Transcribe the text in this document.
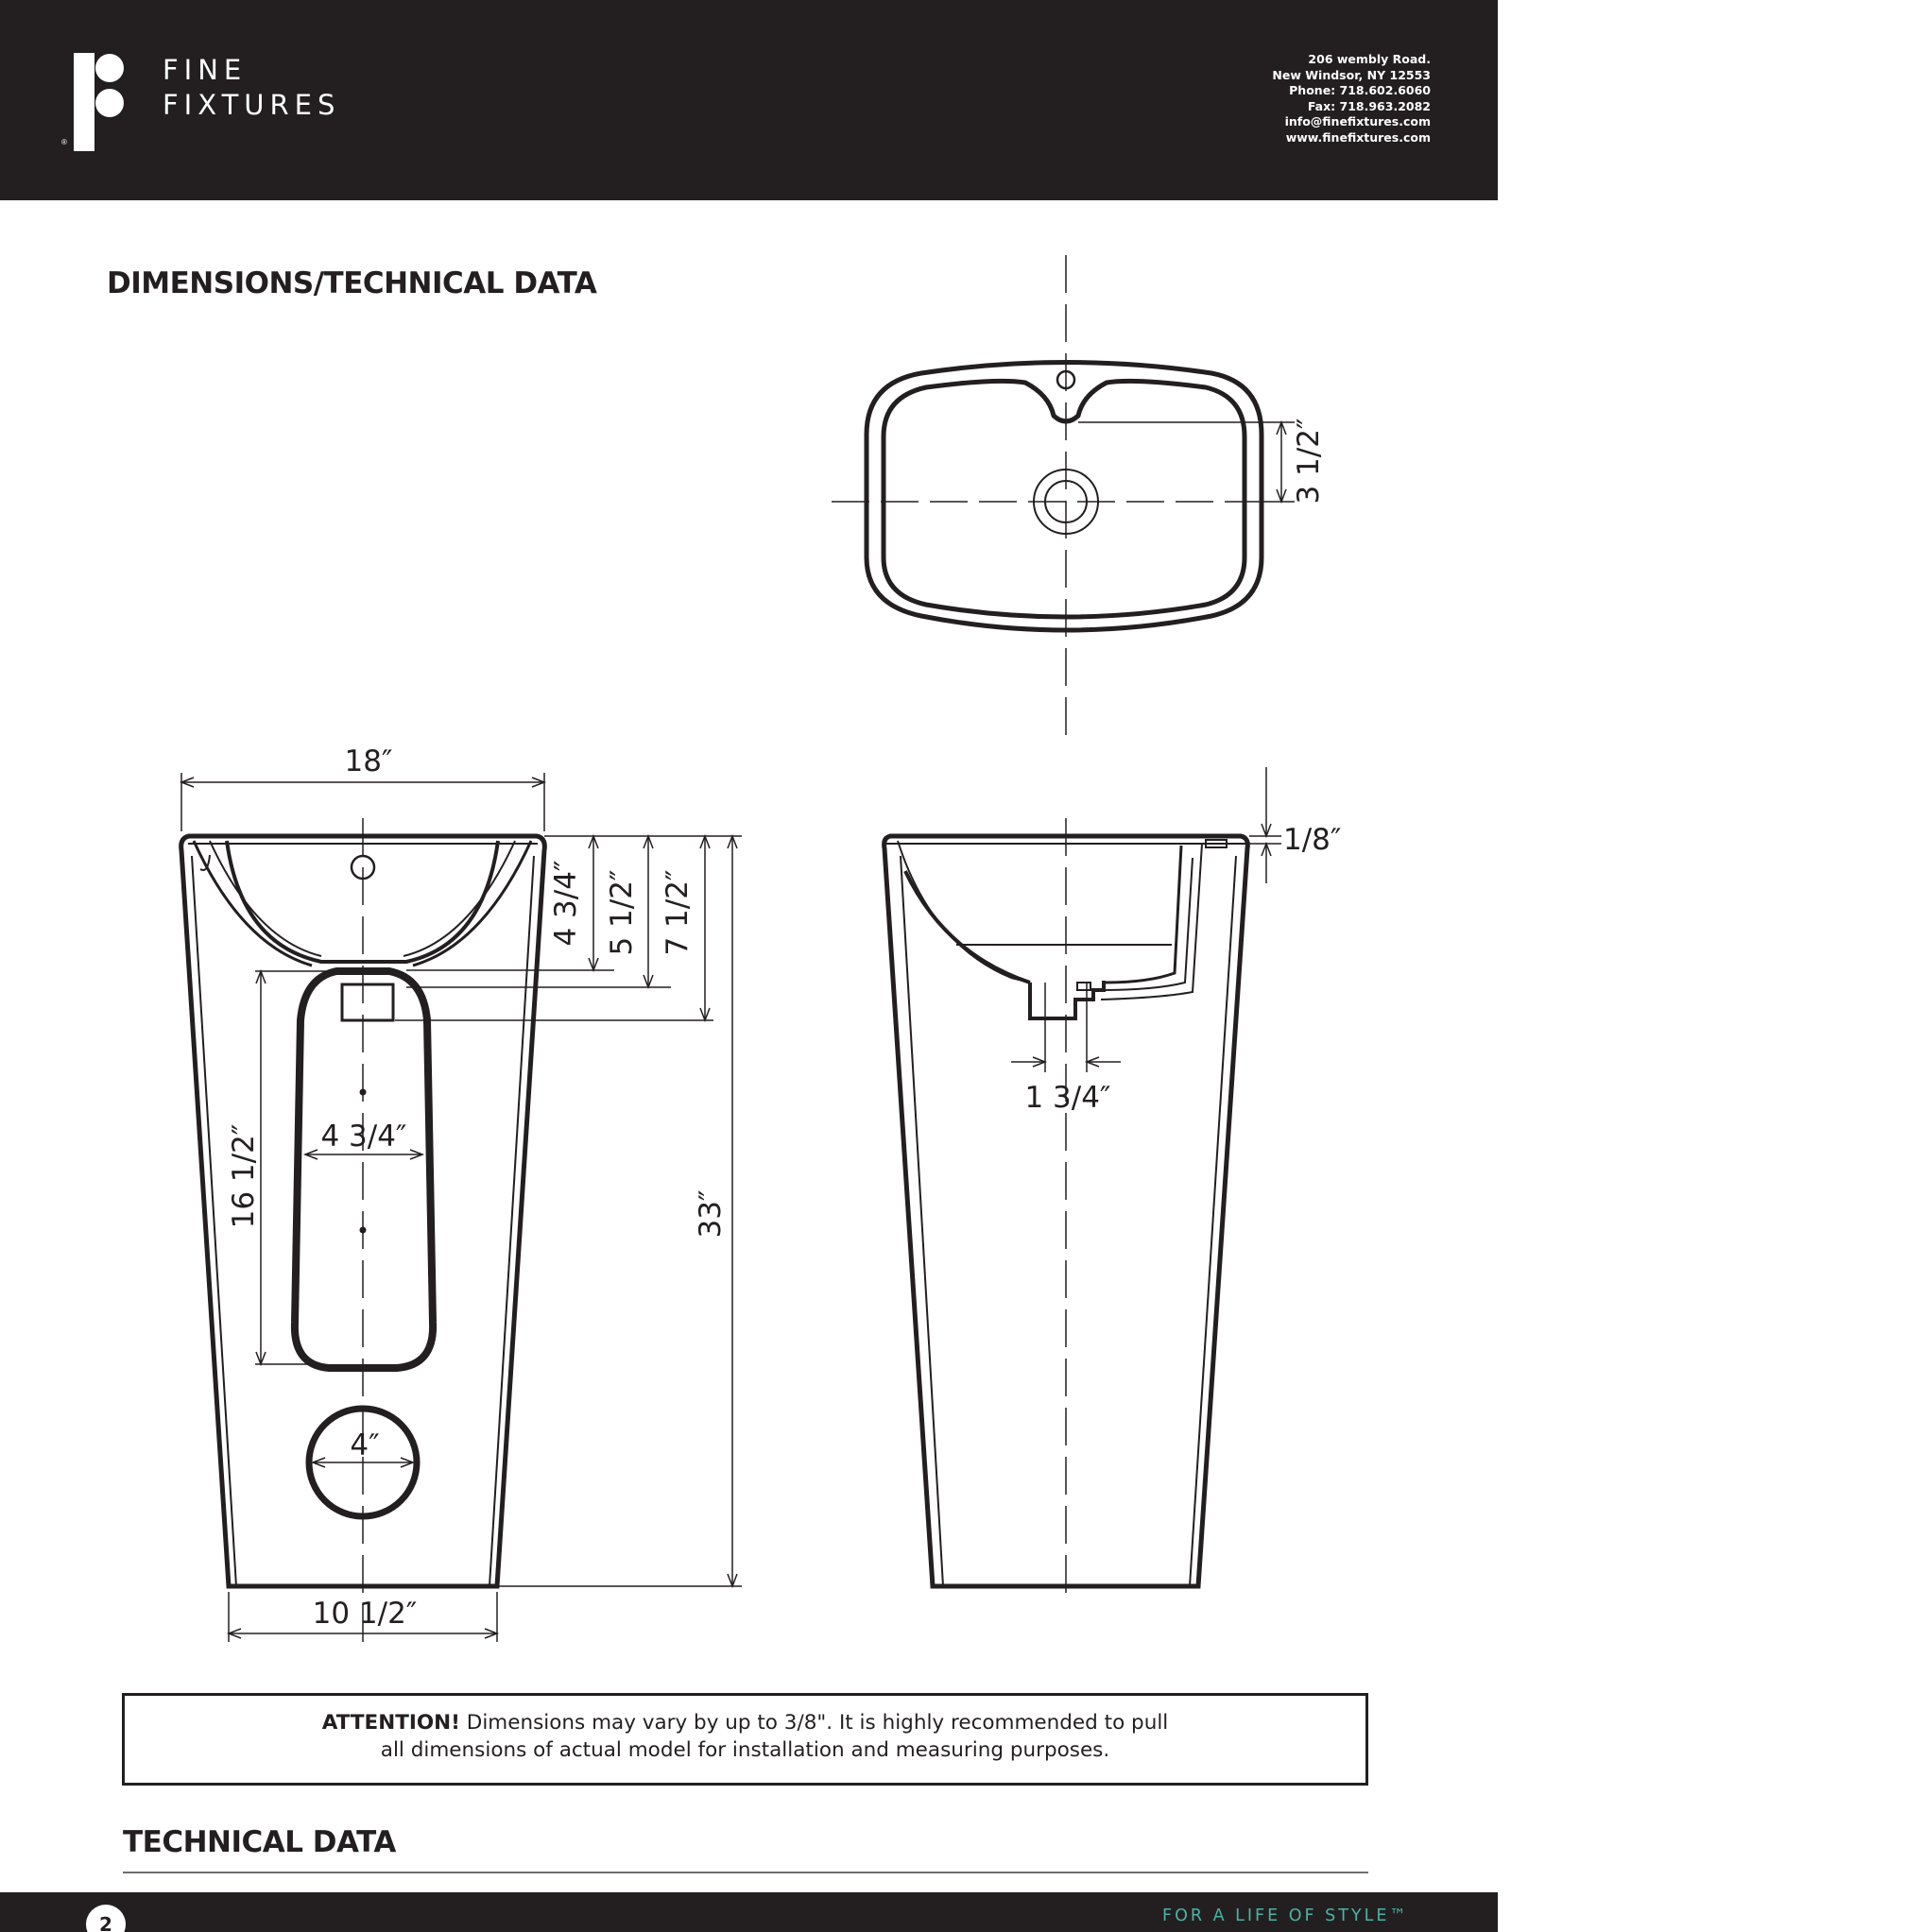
®
FINE
FIXTURES
206 wembly Road.
New Windsor, NY 12553
Phone: 718.602.6060
Fax: 718.963.2082
info@finefixtures.com
www.finefixtures.com
DIMENSIONS/TECHNICAL DATA
3 1/2″
18″
4 3/4″ 5 1/2″ 7 1/2″
1/8″
1 3/4″
16 1/2″ 4 3/4″
33″
4″
10 1/2″
ATTENTION! Dimensions may vary by up to 3/8". It is highly recommended to pull
all dimensions of actual model for installation and measuring purposes.
TECHNICAL DATA
2	FOR A LIFE OF STYLE™
